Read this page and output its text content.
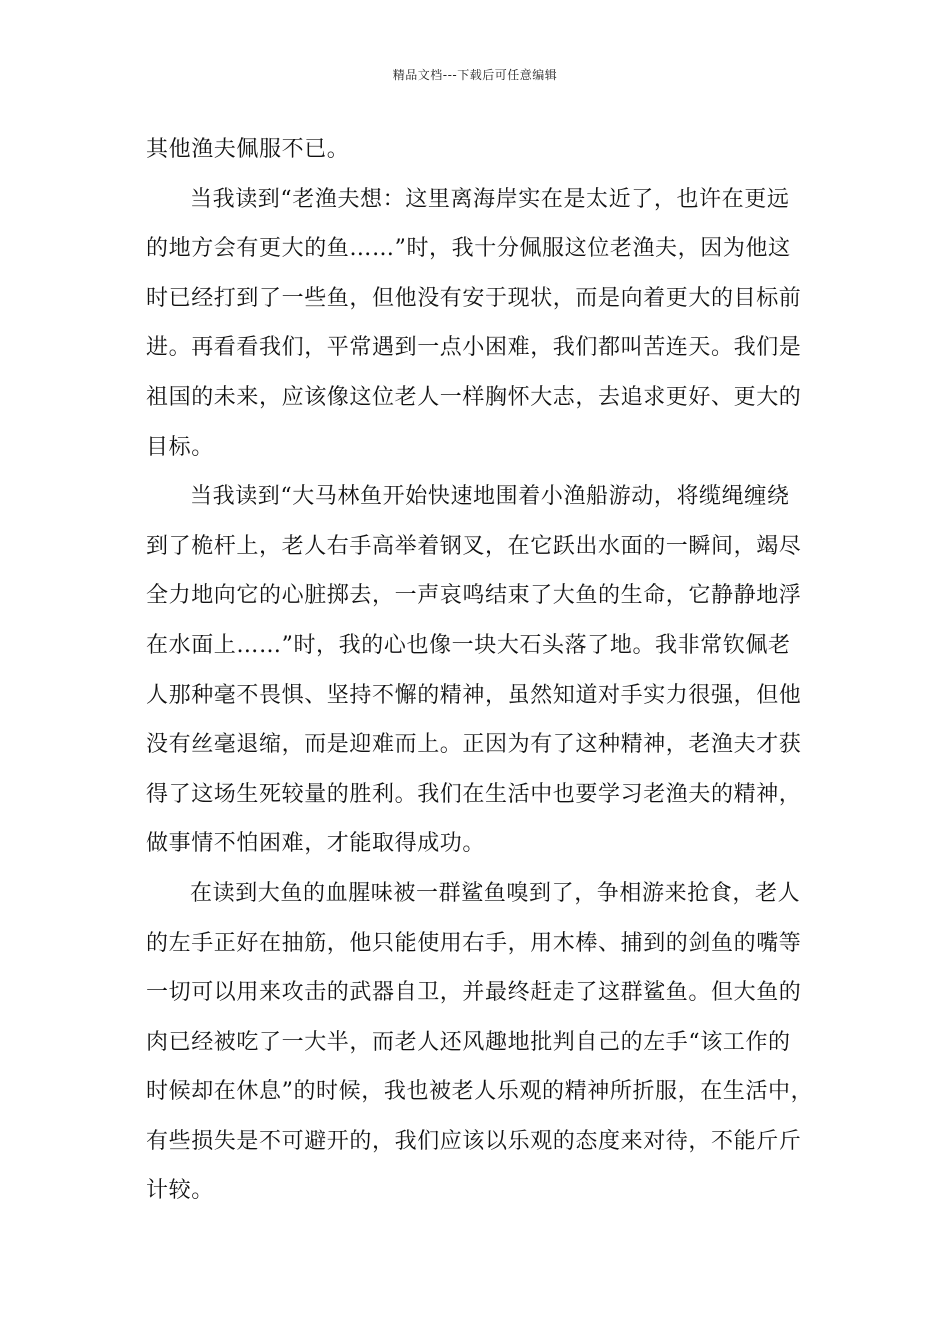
精品文档---下载后可任意编辑
其他渔夫佩服不已。
当我读到“老渔夫想：这里离海岸实在是太近了，也许在更远
的地方会有更大的鱼……”时，我十分佩服这位老渔夫，因为他这
时已经打到了一些鱼，但他没有安于现状，而是向着更大的目标前
进。再看看我们，平常遇到一点小困难，我们都叫苦连天。我们是
祖国的未来，应该像这位老人一样胸怀大志，去追求更好、更大的
目标。
当我读到“大马林鱼开始快速地围着小渔船游动，将缆绳缠绕
到了桅杆上，老人右手高举着钢叉，在它跃出水面的一瞬间，竭尽
全力地向它的心脏掷去，一声哀鸣结束了大鱼的生命，它静静地浮
在水面上……”时，我的心也像一块大石头落了地。我非常钦佩老
人那种毫不畏惧、坚持不懈的精神，虽然知道对手实力很强，但他
没有丝毫退缩，而是迎难而上。正因为有了这种精神，老渔夫才获
得了这场生死较量的胜利。我们在生活中也要学习老渔夫的精神，
做事情不怕困难，才能取得成功。
在读到大鱼的血腥味被一群鲨鱼嗅到了，争相游来抢食，老人
的左手正好在抽筋，他只能使用右手，用木棒、捕到的剑鱼的嘴等
一切可以用来攻击的武器自卫，并最终赶走了这群鲨鱼。但大鱼的
肉已经被吃了一大半，而老人还风趣地批判自己的左手“该工作的
时候却在休息”的时候，我也被老人乐观的精神所折服，在生活中，
有些损失是不可避开的，我们应该以乐观的态度来对待，不能斤斤
计较。
